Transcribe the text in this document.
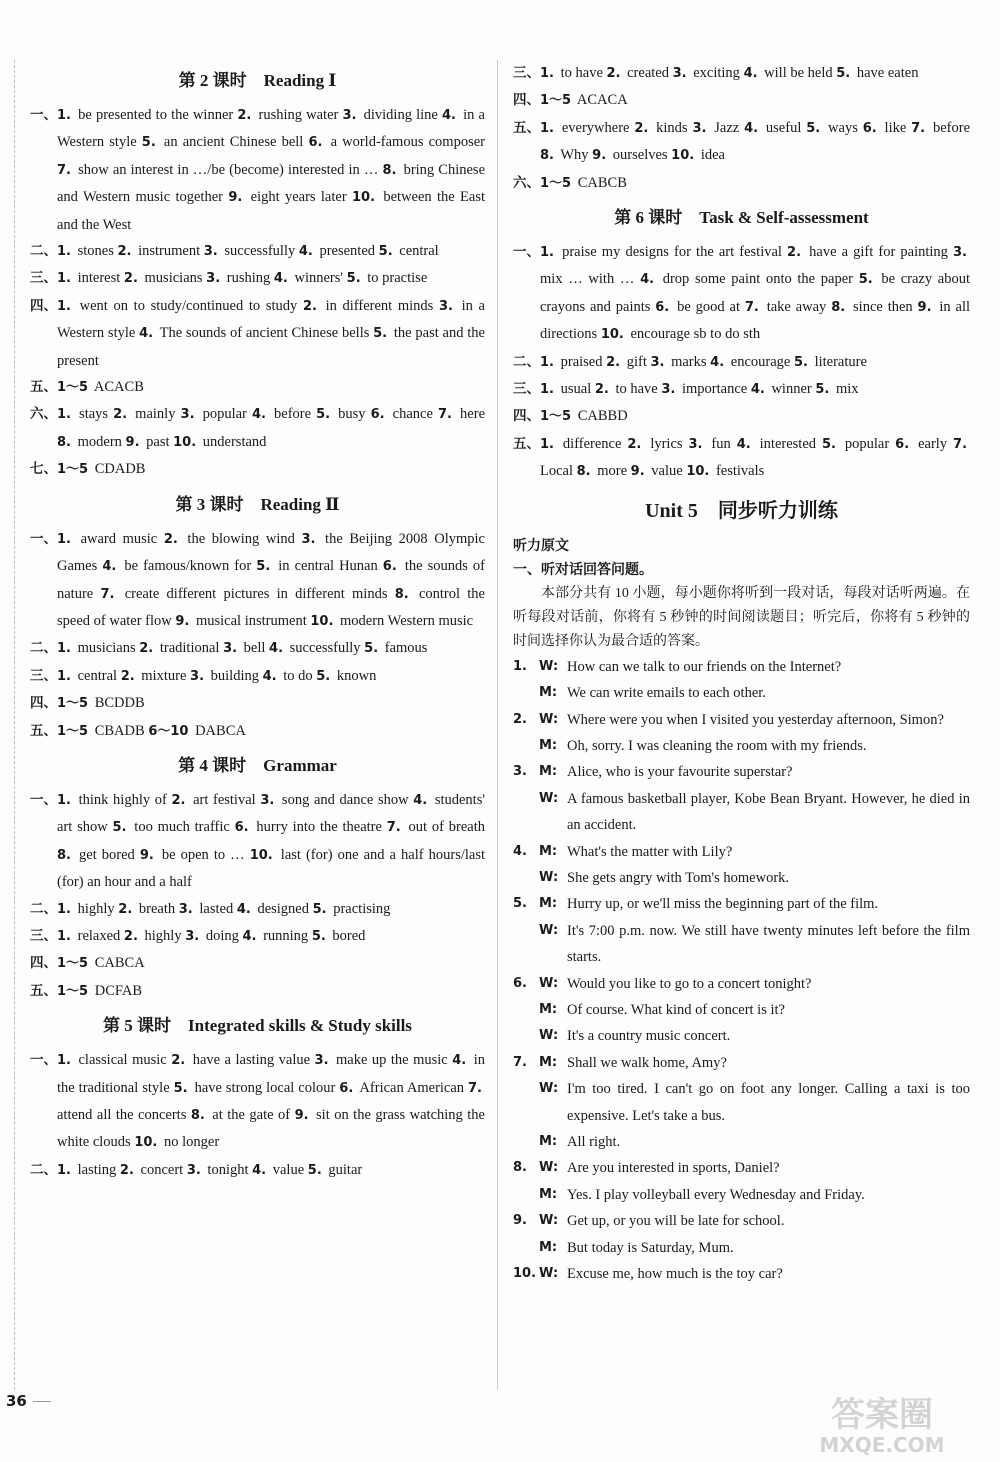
第 2 课时　 Reading Ⅰ
一、 1. be presented to the winner 2. rushing water 3. dividing line 4. in a Western style 5. an ancient Chinese bell 6. a world-famous composer 7. show an interest in …/be (become) interested in … 8. bring Chinese and Western music together 9. eight years later 10. between the East and the West
二、 1. stones 2. instrument 3. successfully 4. presented 5. central
三、 1. interest 2. musicians 3. rushing 4. winners' 5. to practise
四、 1. went on to study/continued to study 2. in different minds 3. in a Western style 4. The sounds of ancient Chinese bells 5. the past and the present
五、 1～5 ACACB
六、 1. stays 2. mainly 3. popular 4. before 5. busy 6. chance 7. here 8. modern 9. past 10. understand
七、 1～5 CDADB
第 3 课时　 Reading Ⅱ
一、 1. award music 2. the blowing wind 3. the Beijing 2008 Olympic Games 4. be famous/known for 5. in central Hunan 6. the sounds of nature 7. create different pictures in different minds 8. control the speed of water flow 9. musical instrument 10. modern Western music
二、 1. musicians 2. traditional 3. bell 4. successfully 5. famous
三、 1. central 2. mixture 3. building 4. to do 5. known
四、 1～5 BCDDB
五、 1～5 CBADB 6～10 DABCA
第 4 课时　 Grammar
一、 1. think highly of 2. art festival 3. song and dance show 4. students' art show 5. too much traffic 6. hurry into the theatre 7. out of breath 8. get bored 9. be open to … 10. last (for) one and a half hours/last (for) an hour and a half
二、 1. highly 2. breath 3. lasted 4. designed 5. practising
三、 1. relaxed 2. highly 3. doing 4. running 5. bored
四、 1～5 CABCA
五、 1～5 DCFAB
第 5 课时　 Integrated skills & Study skills
一、 1. classical music 2. have a lasting value 3. make up the music 4. in the traditional style 5. have strong local colour 6. African American 7. attend all the concerts 8. at the gate of 9. sit on the grass watching the white clouds 10. no longer
二、 1. lasting 2. concert 3. tonight 4. value 5. guitar
三、 1. to have 2. created 3. exciting 4. will be held 5. have eaten
四、 1～5 ACACA
五、 1. everywhere 2. kinds 3. Jazz 4. useful 5. ways 6. like 7. before 8. Why 9. ourselves 10. idea
六、 1～5 CABCB
第 6 课时　 Task & Self-assessment
一、 1. praise my designs for the art festival 2. have a gift for painting 3. mix … with … 4. drop some paint onto the paper 5. be crazy about crayons and paints 6. be good at 7. take away 8. since then 9. in all directions 10. encourage sb to do sth
二、 1. praised 2. gift 3. marks 4. encourage 5. literature
三、 1. usual 2. to have 3. importance 4. winner 5. mix
四、 1～5 CABBD
五、 1. difference 2. lyrics 3. fun 4. interested 5. popular 6. early 7. Local 8. more 9. value 10. festivals
Unit 5　同步听力训练
听力原文
一、听对话回答问题。
本部分共有 10 小题，每小题你将听到一段对话，每段对话听两遍。在听每段对话前，你将有 5 秒钟的时间阅读题目；听完后，你将有 5 秒钟的时间选择你认为最合适的答案。
1. W: How can we talk to our friends on the Internet?
M: We can write emails to each other.
2. W: Where were you when I visited you yesterday afternoon, Simon?
M: Oh, sorry. I was cleaning the room with my friends.
3. M: Alice, who is your favourite superstar?
W: A famous basketball player, Kobe Bean Bryant. However, he died in an accident.
4. M: What's the matter with Lily?
W: She gets angry with Tom's homework.
5. M: Hurry up, or we'll miss the beginning part of the film.
W: It's 7:00 p.m. now. We still have twenty minutes left before the film starts.
6. W: Would you like to go to a concert tonight?
M: Of course. What kind of concert is it?
W: It's a country music concert.
7. M: Shall we walk home, Amy?
W: I'm too tired. I can't go on foot any longer. Calling a taxi is too expensive. Let's take a bus.
M: All right.
8. W: Are you interested in sports, Daniel?
M: Yes. I play volleyball every Wednesday and Friday.
9. W: Get up, or you will be late for school.
M: But today is Saturday, Mum.
10. W: Excuse me, how much is the toy car?
36	答案圈
MXQE.COM
